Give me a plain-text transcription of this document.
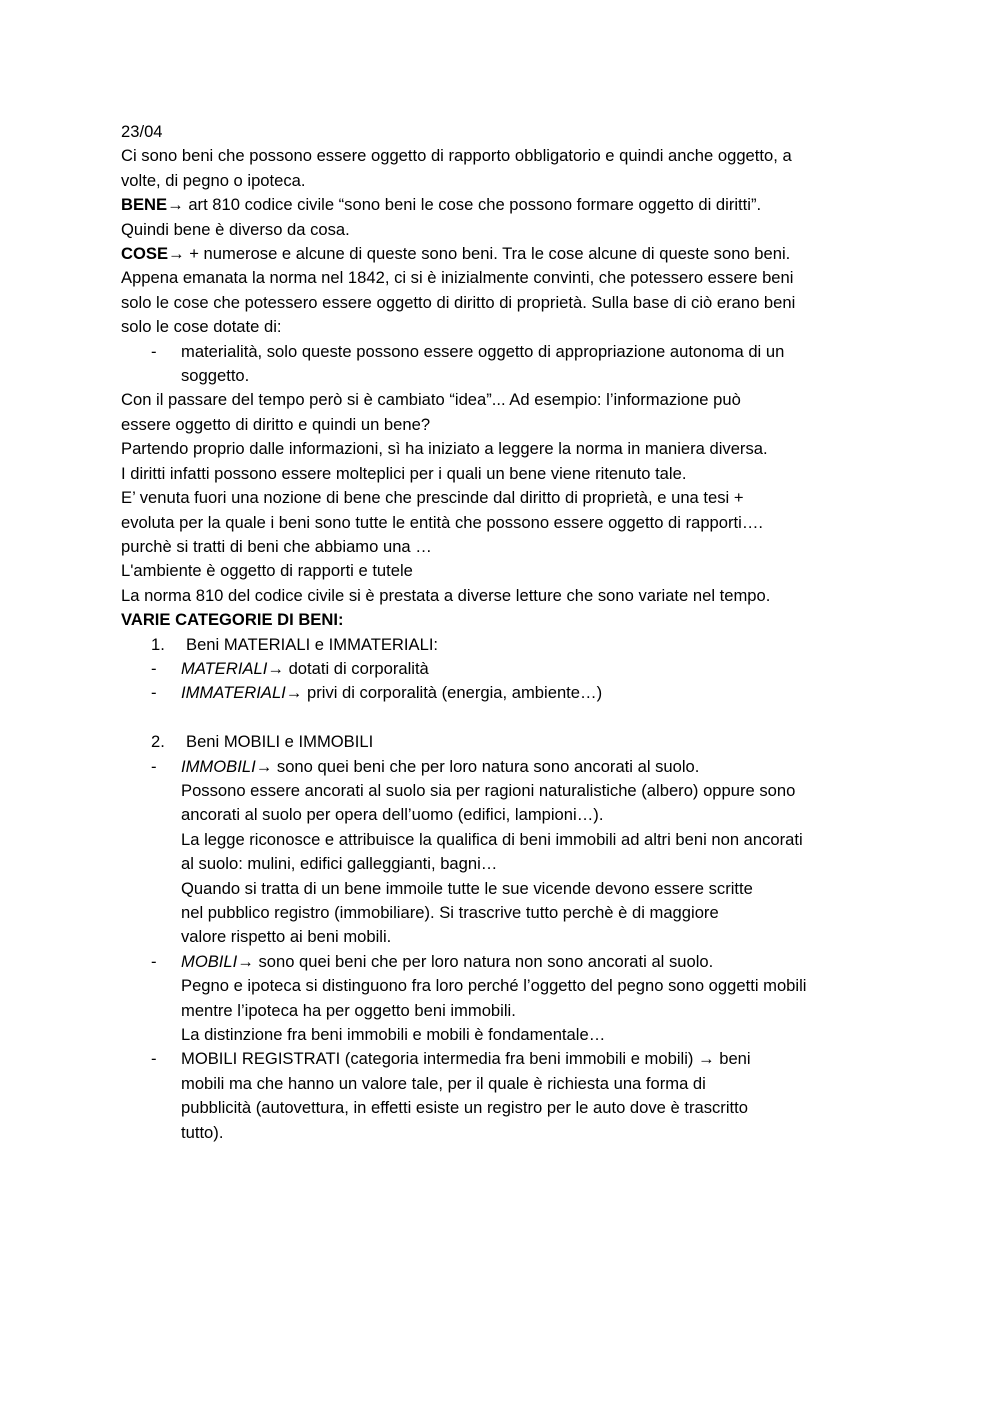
23/04
Ci sono beni che possono essere oggetto di rapporto obbligatorio e quindi anche oggetto, a
volte, di pegno o ipoteca.
BENE→ art 810 codice civile “sono beni le cose che possono formare oggetto di diritti”.
Quindi bene è diverso da cosa.
COSE→ + numerose e alcune di queste sono beni. Tra le cose alcune di queste sono beni.
Appena emanata la norma nel 1842, ci si è inizialmente convinti, che potessero essere beni
solo le cose che potessero essere oggetto di diritto di proprietà. Sulla base di ciò erano beni
solo le cose dotate di:
- materialità, solo queste possono essere oggetto di appropriazione autonoma di un
soggetto.
Con il passare del tempo però si è cambiato “idea”... Ad esempio: l’informazione può
essere oggetto di diritto e quindi un bene?
Partendo proprio dalle informazioni, sì ha iniziato a leggere la norma in maniera diversa.
I diritti infatti possono essere molteplici per i quali un bene viene ritenuto tale.
E’ venuta fuori una nozione di bene che prescinde dal diritto di proprietà, e una tesi +
evoluta per la quale i beni sono tutte le entità che possono essere oggetto di rapporti….
purchè si tratti di beni che abbiamo una …
L'ambiente è oggetto di rapporti e tutele
La norma 810 del codice civile si è prestata a diverse letture che sono variate nel tempo.
VARIE CATEGORIE DI BENI:
1. Beni MATERIALI e IMMATERIALI:
- MATERIALI→ dotati di corporalità
- IMMATERIALI→ privi di corporalità (energia, ambiente…)
2. Beni MOBILI e IMMOBILI
- IMMOBILI→ sono quei beni che per loro natura sono ancorati al suolo.
Possono essere ancorati al suolo sia per ragioni naturalistiche (albero) oppure sono
ancorati al suolo per opera dell’uomo (edifici, lampioni…).
La legge riconosce e attribuisce la qualifica di beni immobili ad altri beni non ancorati
al suolo: mulini, edifici galleggianti, bagni…
Quando si tratta di un bene immoile tutte le sue vicende devono essere scritte
nel pubblico registro (immobiliare). Si trascrive tutto perchè è di maggiore
valore rispetto ai beni mobili.
- MOBILI→ sono quei beni che per loro natura non sono ancorati al suolo.
Pegno e ipoteca si distinguono fra loro perché l’oggetto del pegno sono oggetti mobili
mentre l’ipoteca ha per oggetto beni immobili.
La distinzione fra beni immobili e mobili è fondamentale…
- MOBILI REGISTRATI (categoria intermedia fra beni immobili e mobili) → beni
mobili ma che hanno un valore tale, per il quale è richiesta una forma di
pubblicità (autovettura, in effetti esiste un registro per le auto dove è trascritto
tutto).
